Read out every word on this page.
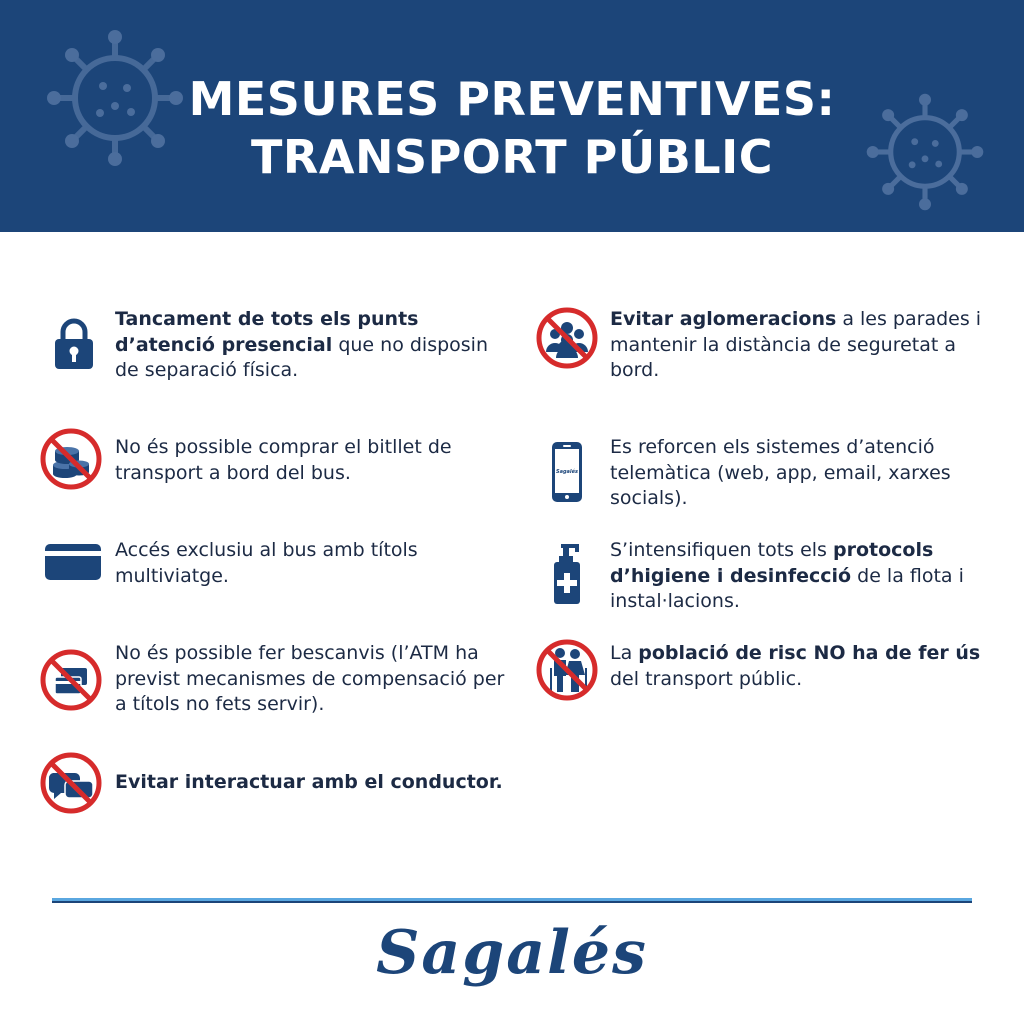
MESURES PREVENTIVES:
TRANSPORT PÚBLIC
Tancament de tots els punts d’atenció presencial que no disposin de separació física.
No és possible comprar el bitllet de transport a bord del bus.
Accés exclusiu al bus amb títols multiviatge.
No és possible fer bescanvis (l’ATM ha previst mecanismes de compensació per a títols no fets servir).
Evitar interactuar amb el conductor.
Evitar aglomeracions a les parades i mantenir la distància de seguretat a bord.
Sagalés
Es reforcen els sistemes d’atenció telemàtica (web, app, email, xarxes socials).
S’intensifiquen tots els protocols d’higiene i desinfecció de la flota i instal·lacions.
La població de risc NO ha de fer ús del transport públic.
Sagalés
